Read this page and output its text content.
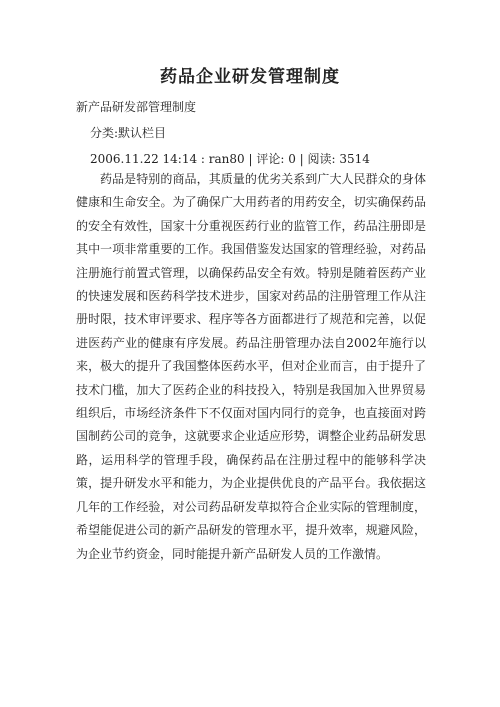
药品企业研发管理制度
新产品研发部管理制度
分类:默认栏目
2006.11.22 14:14 : ran80 | 评论: 0 | 阅读: 3514

药品是特别的商品，其质量的优劣关系到广大人民群众的身体健康和生命安全。为了确保广大用药者的用药安全，切实确保药品的安全有效性，国家十分重视医药行业的监管工作，药品注册即是其中一项非常重要的工作。我国借鉴发达国家的管理经验，对药品注册施行前置式管理，以确保药品安全有效。特别是随着医药产业的快速发展和医药科学技术进步，国家对药品的注册管理工作从注册时限，技术审评要求、程序等各方面都进行了规范和完善，以促进医药产业的健康有序发展。药品注册管理办法自2002年施行以来，极大的提升了我国整体医药水平，但对企业而言，由于提升了技术门槛，加大了医药企业的科技投入，特别是我国加入世界贸易组织后，市场经济条件下不仅面对国内同行的竞争，也直接面对跨国制药公司的竞争，这就要求企业适应形势，调整企业药品研发思路，运用科学的管理手段，确保药品在注册过程中的能够科学决策，提升研发水平和能力，为企业提供优良的产品平台。我依据这几年的工作经验，对公司药品研发草拟符合企业实际的管理制度，希望能促进公司的新产品研发的管理水平，提升效率，规避风险，为企业节约资金，同时能提升新产品研发人员的工作激情。
